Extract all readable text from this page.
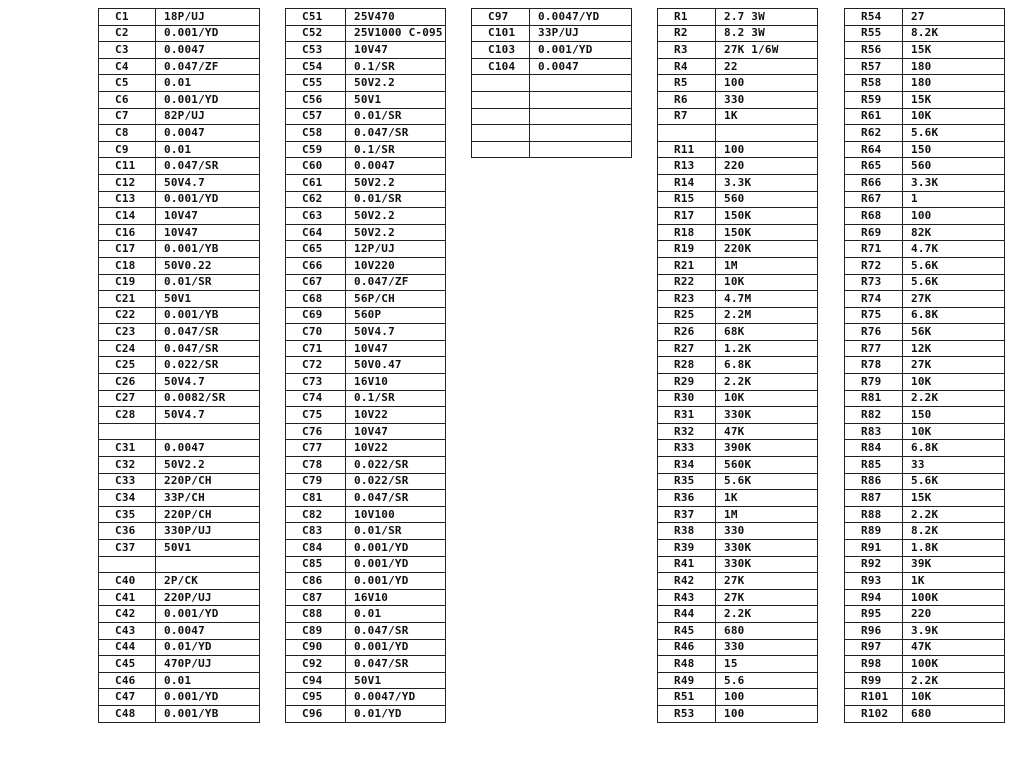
C1	18P/UJ
C2	0.001/YD
C3	0.0047
C4	0.047/ZF
C5	0.01
C6	0.001/YD
C7	82P/UJ
C8	0.0047
C9	0.01
C11	0.047/SR
C12	50V4.7
C13	0.001/YD
C14	10V47
C16	10V47
C17	0.001/YB
C18	50V0.22
C19	0.01/SR
C21	50V1
C22	0.001/YB
C23	0.047/SR
C24	0.047/SR
C25	0.022/SR
C26	50V4.7
C27	0.0082/SR
C28	50V4.7

C31	0.0047
C32	50V2.2
C33	220P/CH
C34	33P/CH
C35	220P/CH
C36	330P/UJ
C37	50V1

C40	2P/CK
C41	220P/UJ
C42	0.001/YD
C43	0.0047
C44	0.01/YD
C45	470P/UJ
C46	0.01
C47	0.001/YD
C48	0.001/YB
C51	25V470
C52	25V1000 C-095
C53	10V47
C54	0.1/SR
C55	50V2.2
C56	50V1
C57	0.01/SR
C58	0.047/SR
C59	0.1/SR
C60	0.0047
C61	50V2.2
C62	0.01/SR
C63	50V2.2
C64	50V2.2
C65	12P/UJ
C66	10V220
C67	0.047/ZF
C68	56P/CH
C69	560P
C70	50V4.7
C71	10V47
C72	50V0.47
C73	16V10
C74	0.1/SR
C75	10V22
C76	10V47
C77	10V22
C78	0.022/SR
C79	0.022/SR
C81	0.047/SR
C82	10V100
C83	0.01/SR
C84	0.001/YD
C85	0.001/YD
C86	0.001/YD
C87	16V10
C88	0.01
C89	0.047/SR
C90	0.001/YD
C92	0.047/SR
C94	50V1
C95	0.0047/YD
C96	0.01/YD
C97	0.0047/YD
C101	33P/UJ
C103	0.001/YD
C104	0.0047

R1	2.7 3W
R2	8.2 3W
R3	27K 1/6W
R4	22
R5	100
R6	330
R7	1K

R11	100
R13	220
R14	3.3K
R15	560
R17	150K
R18	150K
R19	220K
R21	1M
R22	10K
R23	4.7M
R25	2.2M
R26	68K
R27	1.2K
R28	6.8K
R29	2.2K
R30	10K
R31	330K
R32	47K
R33	390K
R34	560K
R35	5.6K
R36	1K
R37	1M
R38	330
R39	330K
R41	330K
R42	27K
R43	27K
R44	2.2K
R45	680
R46	330
R48	15
R49	5.6
R51	100
R53	100
R54	27
R55	8.2K
R56	15K
R57	180
R58	180
R59	15K
R61	10K
R62	5.6K
R64	150
R65	560
R66	3.3K
R67	1
R68	100
R69	82K
R71	4.7K
R72	5.6K
R73	5.6K
R74	27K
R75	6.8K
R76	56K
R77	12K
R78	27K
R79	10K
R81	2.2K
R82	150
R83	10K
R84	6.8K
R85	33
R86	5.6K
R87	15K
R88	2.2K
R89	8.2K
R91	1.8K
R92	39K
R93	1K
R94	100K
R95	220
R96	3.9K
R97	47K
R98	100K
R99	2.2K
R101	10K
R102	680
